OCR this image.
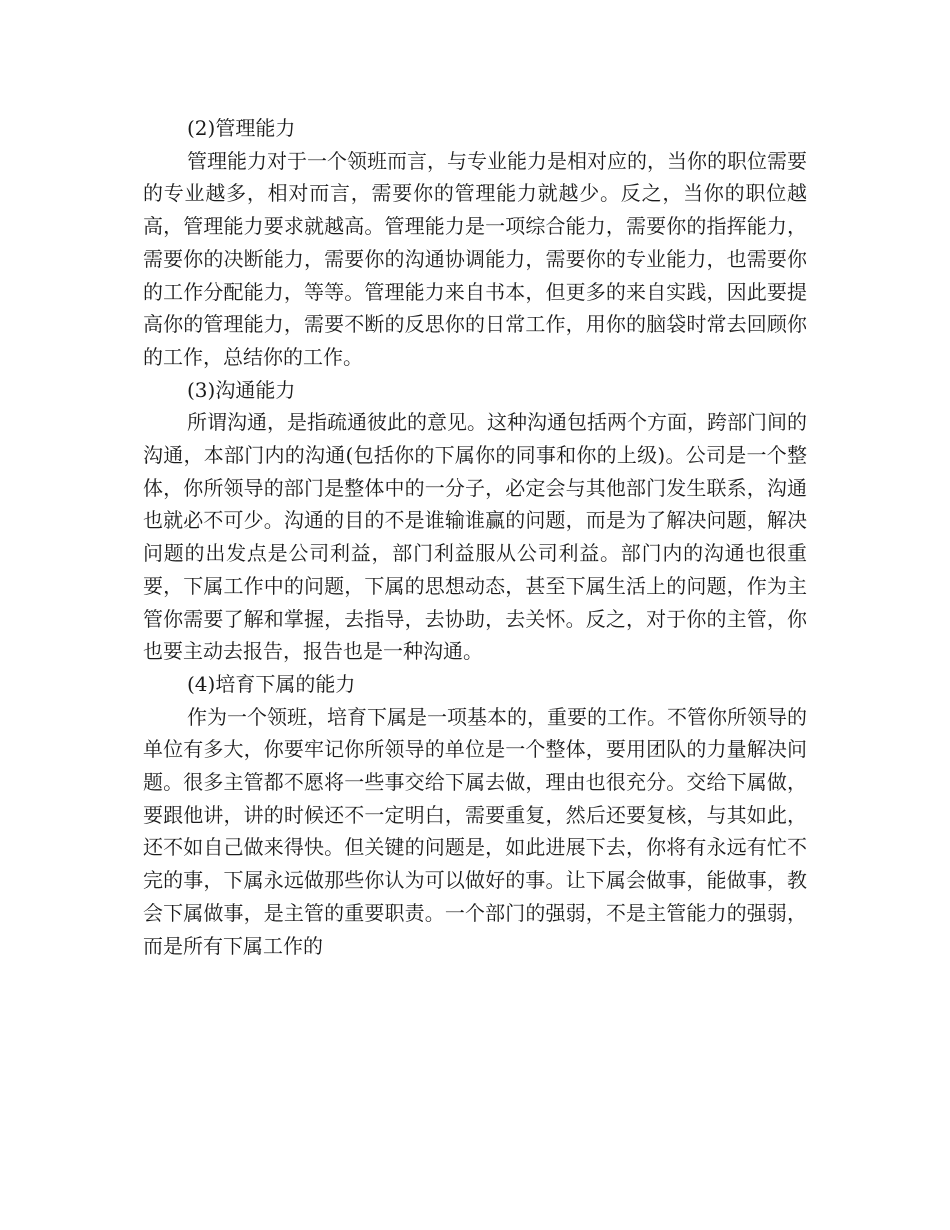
(2)管理能力

管理能力对于一个领班而言，与专业能力是相对应的，当你的职位需要的专业越多，相对而言，需要你的管理能力就越少。反之，当你的职位越高，管理能力要求就越高。管理能力是一项综合能力，需要你的指挥能力，需要你的决断能力，需要你的沟通协调能力，需要你的专业能力，也需要你的工作分配能力，等等。管理能力来自书本，但更多的来自实践，因此要提高你的管理能力，需要不断的反思你的日常工作，用你的脑袋时常去回顾你的工作，总结你的工作。

(3)沟通能力

所谓沟通，是指疏通彼此的意见。这种沟通包括两个方面，跨部门间的沟通，本部门内的沟通(包括你的下属你的同事和你的上级)。公司是一个整体，你所领导的部门是整体中的一分子，必定会与其他部门发生联系，沟通也就必不可少。沟通的目的不是谁输谁赢的问题，而是为了解决问题，解决问题的出发点是公司利益，部门利益服从公司利益。部门内的沟通也很重要，下属工作中的问题，下属的思想动态，甚至下属生活上的问题，作为主管你需要了解和掌握，去指导，去协助，去关怀。反之，对于你的主管，你也要主动去报告，报告也是一种沟通。

(4)培育下属的能力

作为一个领班，培育下属是一项基本的，重要的工作。不管你所领导的单位有多大，你要牢记你所领导的单位是一个整体，要用团队的力量解决问题。很多主管都不愿将一些事交给下属去做，理由也很充分。交给下属做，要跟他讲，讲的时候还不一定明白，需要重复，然后还要复核，与其如此，还不如自己做来得快。但关键的问题是，如此进展下去，你将有永远有忙不完的事，下属永远做那些你认为可以做好的事。让下属会做事，能做事，教会下属做事，是主管的重要职责。一个部门的强弱，不是主管能力的强弱，而是所有下属工作的
